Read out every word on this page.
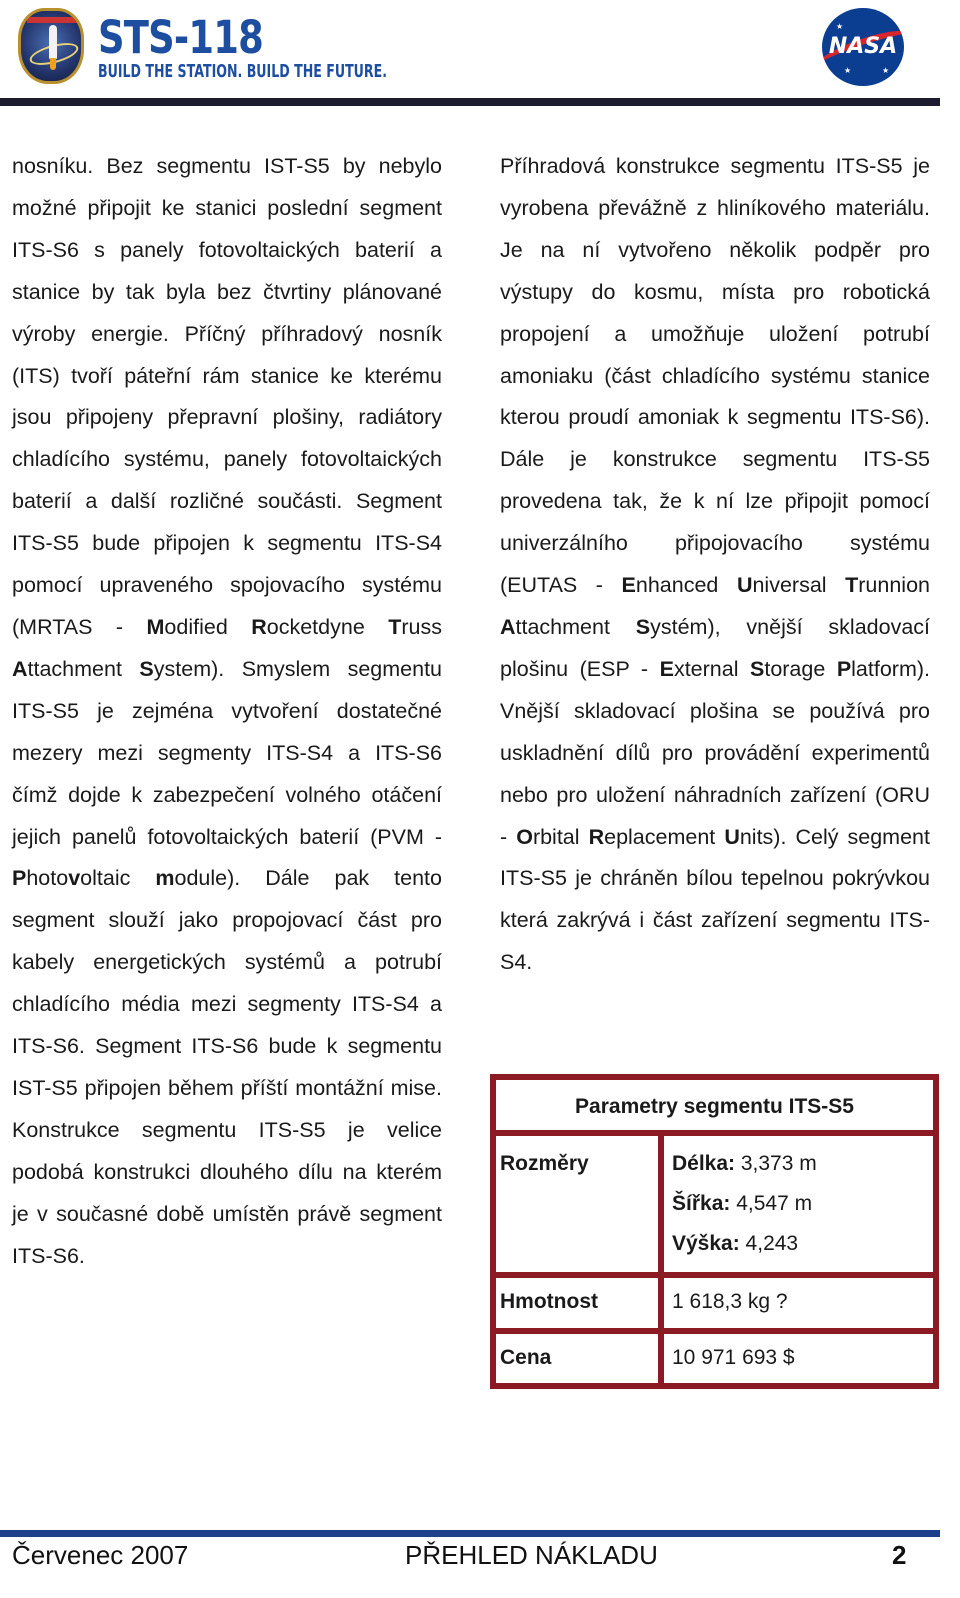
STS-118
BUILD THE STATION. BUILD THE FUTURE.
★
★
★
NASA

nosníku. Bez segmentu IST-S5 by nebylo možné připojit ke stanici poslední segment ITS-S6 s panely fotovoltaických baterií a stanice by tak byla bez čtvrtiny plánované výroby energie. Příčný příhradový nosník (ITS) tvoří páteřní rám stanice ke kterému jsou připojeny přepravní plošiny, radiátory chladícího systému, panely fotovoltaických baterií a další rozličné součásti. Segment ITS-S5 bude připojen k segmentu ITS-S4 pomocí upraveného spojovacího systému (MRTAS - Modified Rocketdyne Truss Attachment System). Smyslem segmentu ITS-S5 je zejména vytvoření dostatečné mezery mezi segmenty ITS-S4 a ITS-S6 čímž dojde k zabezpečení volného otáčení jejich panelů fotovoltaických baterií (PVM - Photovoltaic module). Dále pak tento segment slouží jako propojovací část pro kabely energetických systémů a potrubí chladícího média mezi segmenty ITS-S4 a ITS-S6. Segment ITS-S6 bude k segmentu IST-S5 připojen během příští montážní mise. Konstrukce segmentu ITS-S5 je velice podobá konstrukci dlouhého dílu na kterém je v současné době umístěn právě segment ITS-S6.

Příhradová konstrukce segmentu ITS-S5 je vyrobena převážně z hliníkového materiálu. Je na ní vytvořeno několik podpěr pro výstupy do kosmu, místa pro robotická propojení a umožňuje uložení potrubí amoniaku (část chladícího systému stanice kterou proudí amoniak k segmentu ITS-S6). Dále je konstrukce segmentu ITS-S5 provedena tak, že k ní lze připojit pomocí univerzálního připojovacího systému (EUTAS - Enhanced Universal Trunnion Attachment Systém), vnější skladovací plošinu (ESP - External Storage Platform). Vnější skladovací plošina se používá pro uskladnění dílů pro provádění experimentů nebo pro uložení náhradních zařízení (ORU - Orbital Replacement Units). Celý segment ITS-S5 je chráněn bílou tepelnou pokrývkou která zakrývá i část zařízení segmentu ITS-S4.

Parametry segmentu ITS-S5
Rozměry	Délka: 3,373 m
Šířka: 4,547 m
Výška: 4,243
Hmotnost	1 618,3 kg ?
Cena	10 971 693 $
Červenec 2007	PŘEHLED NÁKLADU	2
